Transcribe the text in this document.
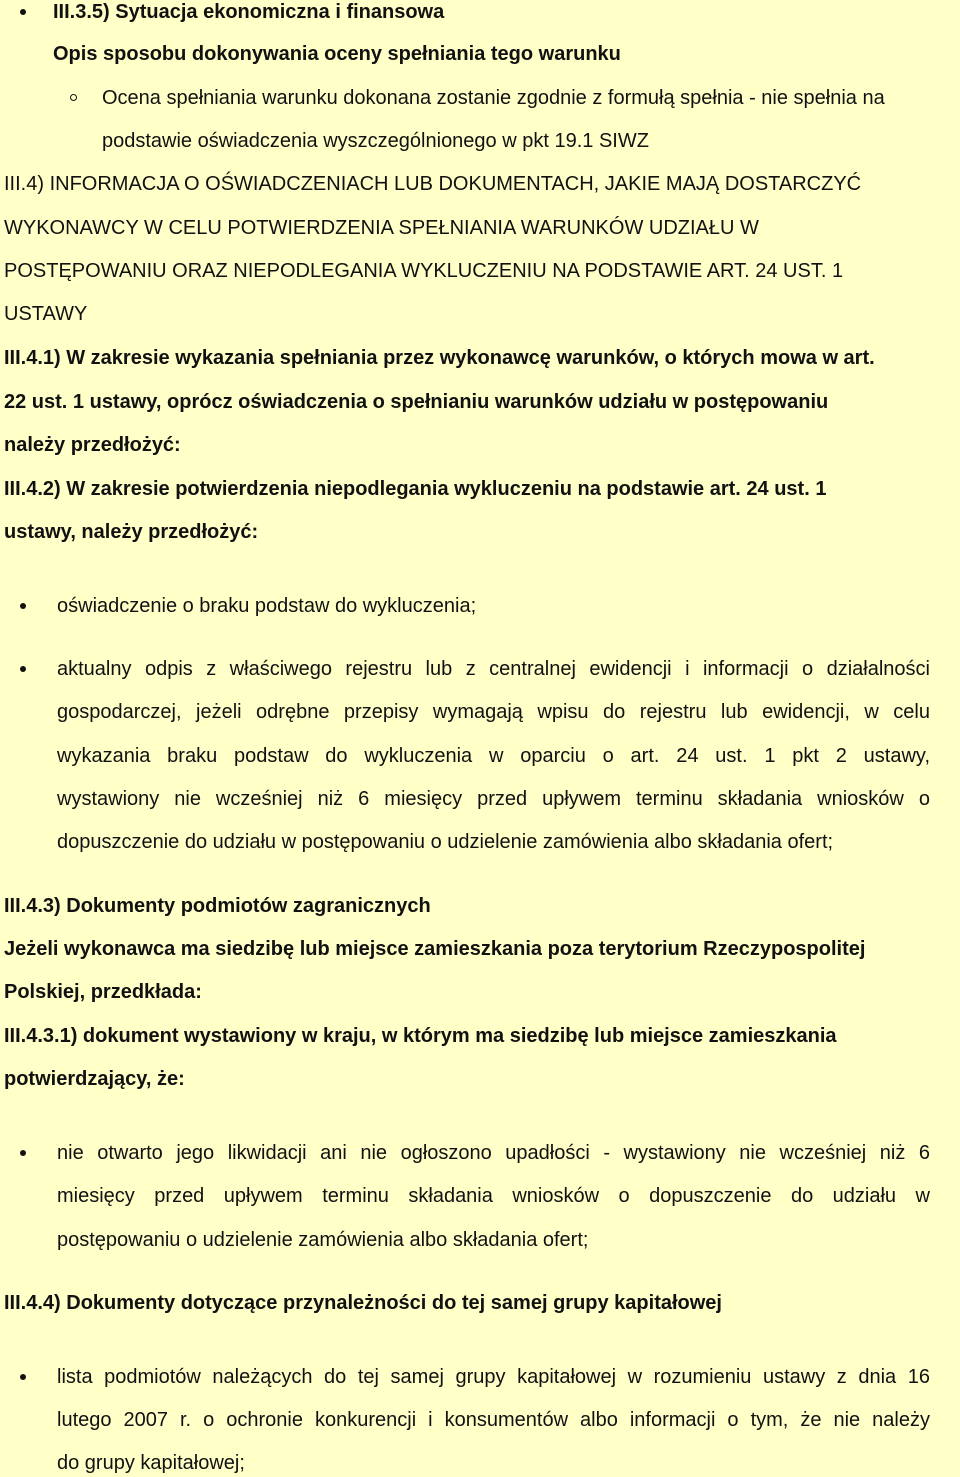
III.3.5) Sytuacja ekonomiczna i finansowa
Opis sposobu dokonywania oceny spełniania tego warunku
Ocena spełniania warunku dokonana zostanie zgodnie z formułą spełnia - nie spełnia na
podstawie oświadczenia wyszczególnionego w pkt 19.1 SIWZ
III.4) INFORMACJA O OŚWIADCZENIACH LUB DOKUMENTACH, JAKIE MAJĄ DOSTARCZYĆ
WYKONAWCY W CELU POTWIERDZENIA SPEŁNIANIA WARUNKÓW UDZIAŁU W
POSTĘPOWANIU ORAZ NIEPODLEGANIA WYKLUCZENIU NA PODSTAWIE ART. 24 UST. 1
USTAWY
III.4.1) W zakresie wykazania spełniania przez wykonawcę warunków, o których mowa w art.
22 ust. 1 ustawy, oprócz oświadczenia o spełnianiu warunków udziału w postępowaniu
należy przedłożyć:
III.4.2) W zakresie potwierdzenia niepodlegania wykluczeniu na podstawie art. 24 ust. 1
ustawy, należy przedłożyć:
oświadczenie o braku podstaw do wykluczenia;
aktualny odpis z właściwego rejestru lub z centralnej ewidencji i informacji o działalności
gospodarczej, jeżeli odrębne przepisy wymagają wpisu do rejestru lub ewidencji, w celu
wykazania braku podstaw do wykluczenia w oparciu o art. 24 ust. 1 pkt 2 ustawy,
wystawiony nie wcześniej niż 6 miesięcy przed upływem terminu składania wniosków o
dopuszczenie do udziału w postępowaniu o udzielenie zamówienia albo składania ofert;
III.4.3) Dokumenty podmiotów zagranicznych
Jeżeli wykonawca ma siedzibę lub miejsce zamieszkania poza terytorium Rzeczypospolitej
Polskiej, przedkłada:
III.4.3.1) dokument wystawiony w kraju, w którym ma siedzibę lub miejsce zamieszkania
potwierdzający, że:
nie otwarto jego likwidacji ani nie ogłoszono upadłości - wystawiony nie wcześniej niż 6
miesięcy przed upływem terminu składania wniosków o dopuszczenie do udziału w
postępowaniu o udzielenie zamówienia albo składania ofert;
III.4.4) Dokumenty dotyczące przynależności do tej samej grupy kapitałowej
lista podmiotów należących do tej samej grupy kapitałowej w rozumieniu ustawy z dnia 16
lutego 2007 r. o ochronie konkurencji i konsumentów albo informacji o tym, że nie należy
do grupy kapitałowej;
